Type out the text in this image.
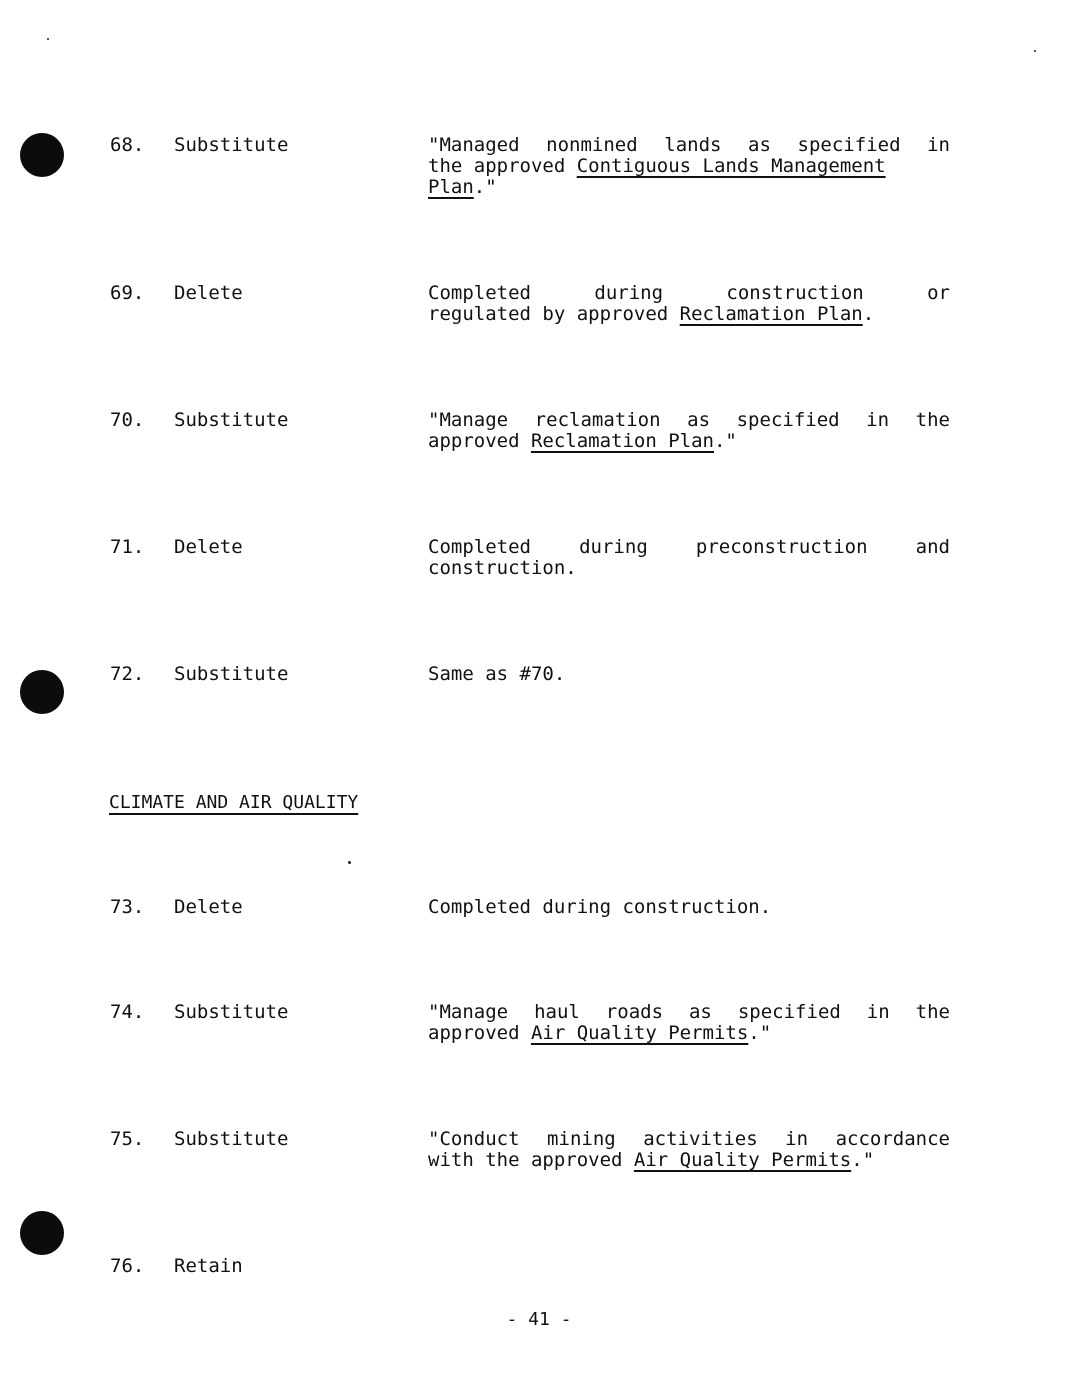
68. Substitute	"Managed nonmined lands as specified in
the approved Contiguous Lands Management
Plan."
69. Delete	Completed during construction or
regulated by approved Reclamation Plan.
70. Substitute	"Manage reclamation as specified in the
approved Reclamation Plan."
71. Delete	Completed during preconstruction and
construction.
72. Substitute	Same as #70.
CLIMATE AND AIR QUALITY
73. Delete	Completed during construction.
74. Substitute	"Manage haul roads as specified in the
approved Air Quality Permits."
75. Substitute	"Conduct mining activities in accordance
with the approved Air Quality Permits."
76. Retain
- 41 -
